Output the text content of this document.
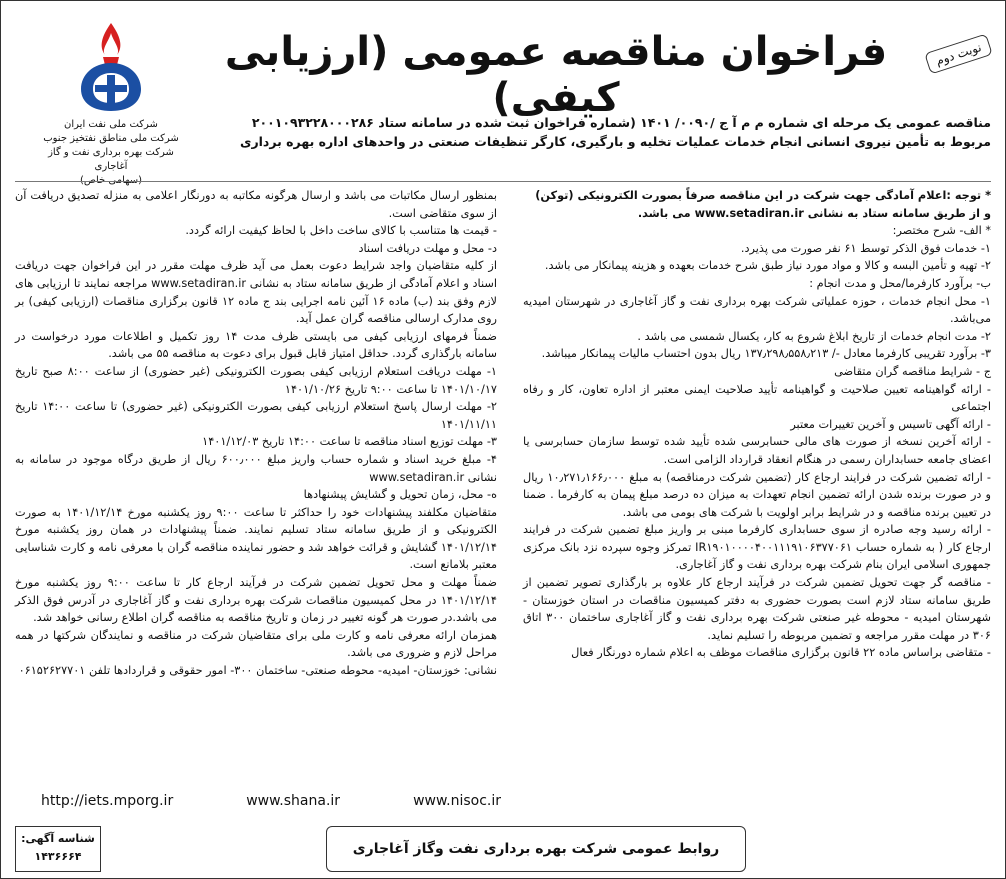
شرکت ملی نفت ایران
شرکت ملی مناطق نفتخیز جنوب
شرکت بهره برداری نفت و گاز آغاجاری
(سهامی خاص)
فراخوان مناقصه عمومی (ارزیابی کیفی)
نوبت دوم
مناقصه عمومی یک مرحله ای شماره م م آ ج /۰۰۹۰/ ۱۴۰۱ (شماره فراخوان ثبت شده در سامانه ستاد ۲۰۰۱۰۹۳۲۲۸۰۰۰۲۸۶
مربوط به تأمین نیروی انسانی انجام خدمات عملیات تخلیه و بارگیری، کارگر تنظیفات صنعتی در واحدهای اداره بهره برداری

* توجه :اعلام آمادگی جهت شرکت در این مناقصه صرفاً بصورت الکترونیکی (توکن)

و از طریق سامانه ستاد به نشانی www.setadiran.ir می باشد.

* الف- شرح مختصر:

۱- خدمات فوق الذکر توسط ۶۱ نفر صورت می پذیرد.

۲- تهیه و تأمین البسه و کالا و مواد مورد نیاز طبق شرح خدمات بعهده و هزینه پیمانکار می باشد.

ب- برآورد کارفرما/محل و مدت انجام :

۱- محل انجام خدمات ، حوزه عملیاتی شرکت بهره برداری نفت و گاز آغاجاری در شهرستان امیدیه می‌باشد.

۲- مدت انجام خدمات از تاریخ ابلاغ شروع به کار، یکسال شمسی می باشد .

۳- برآورد تقریبی کارفرما معادل -/ ۱۳۷٫۲۹۸٫۵۵۸٫۲۱۳ ریال بدون احتساب مالیات پیمانکار میباشد.

ج - شرایط مناقصه گران متقاضی

- ارائه گواهینامه تعیین صلاحیت و گواهینامه تأیید صلاحیت ایمنی معتبر از اداره تعاون، کار و رفاه اجتماعی

- ارائه آگهی تاسیس و آخرین تغییرات معتبر

- ارائه آخرین نسخه از صورت های مالی حسابرسی شده تأیید شده توسط سازمان حسابرسی یا اعضای جامعه حسابداران رسمی در هنگام انعقاد قرارداد الزامی است.

- ارائه تضمین شرکت در فرایند ارجاع کار (تضمین شرکت درمناقصه) به مبلغ ۱۰٫۲۷۱٫۱۶۶٫۰۰۰ ریال و در صورت برنده شدن ارائه تضمین انجام تعهدات به میزان ده درصد مبلغ پیمان به کارفرما . ضمنا در تعیین برنده مناقصه و در شرایط برابر اولویت با شرکت های بومی می باشد.

- ارائه رسید وجه صادره از سوی حسابداری کارفرما مبنی بر واریز مبلغ تضمین شرکت در فرایند ارجاع کار ( به شماره حساب IR۱۹۰۱۰۰۰۰۴۰۰۱۱۱۹۱۰۶۳۷۷۰۶۱ تمرکز وجوه سپرده نزد بانک مرکزی جمهوری اسلامی ایران بنام شرکت بهره برداری نفت و گاز آغاجاری.

- مناقصه گر جهت تحویل تضمین شرکت در فرآیند ارجاع کار علاوه بر بارگذاری تصویر تضمین از طریق سامانه ستاد لازم است بصورت حضوری به دفتر کمیسیون مناقصات در استان خوزستان - شهرستان امیدیه - محوطه غیر صنعتی شرکت بهره برداری نفت و گاز آغاجاری ساختمان ۳۰۰ اتاق ۳۰۶ در مهلت مقرر مراجعه و تضمین مربوطه را تسلیم نماید.

- متقاضی براساس ماده ۲۲ قانون برگزاری مناقصات موظف به اعلام شماره دورنگار فعال

بمنظور ارسال مکاتبات می باشد و ارسال هرگونه مکاتبه به دورنگار اعلامی به منزله تصدیق دریافت آن از سوی متقاضی است.

- قیمت ها متناسب با کالای ساخت داخل با لحاظ کیفیت ارائه گردد.

د- محل و مهلت دریافت اسناد

از کلیه متقاضیان واجد شرایط دعوت بعمل می آید ظرف مهلت مقرر در این فراخوان جهت دریافت اسناد و اعلام آمادگی از طریق سامانه ستاد به نشانی www.setadiran.ir مراجعه نمایند تا ارزیابی های لازم وفق بند (ب) ماده ۱۶ آئین نامه اجرایی بند ج ماده ۱۲ قانون برگزاری مناقصات (ارزیابی کیفی) بر روی مدارک ارسالی مناقصه گران عمل آید.

ضمناً فرمهای ارزیابی کیفی می بایستی ظرف مدت ۱۴ روز تکمیل و اطلاعات مورد درخواست در سامانه بارگذاری گردد. حداقل امتیاز قابل قبول برای دعوت به مناقصه ۵۵ می باشد.

۱- مهلت دریافت استعلام ارزیابی کیفی بصورت الکترونیکی (غیر حضوری) از ساعت ۸:۰۰ صبح تاریخ ۱۴۰۱/۱۰/۱۷ تا ساعت ۹:۰۰ تاریخ ۱۴۰۱/۱۰/۲۶

۲- مهلت ارسال پاسخ استعلام ارزیابی کیفی بصورت الکترونیکی (غیر حضوری) تا ساعت ۱۴:۰۰ تاریخ ۱۴۰۱/۱۱/۱۱

۳- مهلت توزیع اسناد مناقصه تا ساعت ۱۴:۰۰ تاریخ ۱۴۰۱/۱۲/۰۳

۴- مبلغ خرید اسناد و شماره حساب واریز مبلغ ۶۰۰٫۰۰۰ ریال از طریق درگاه موجود در سامانه به نشانی www.setadiran.ir

ه- محل، زمان تحویل و گشایش پیشنهادها

متقاضیان مکلفند پیشنهادات خود را حداکثر تا ساعت ۹:۰۰ روز یکشنبه مورخ ۱۴۰۱/۱۲/۱۴ به صورت الکترونیکی و از طریق سامانه ستاد تسلیم نمایند. ضمناً پیشنهادات در همان روز یکشنبه مورخ ۱۴۰۱/۱۲/۱۴ گشایش و قرائت خواهد شد و حضور نماینده مناقصه گران با معرفی نامه و کارت شناسایی معتبر بلامانع است.

ضمناً مهلت و محل تحویل تضمین شرکت در فرآیند ارجاع کار تا ساعت ۹:۰۰ روز یکشنبه مورخ ۱۴۰۱/۱۲/۱۴ در محل کمیسیون مناقصات شرکت بهره برداری نفت و گاز آغاجاری در آدرس فوق الذکر می باشد.در صورت هر گونه تغییر در زمان و تاریخ مناقصه به مناقصه گران اطلاع رسانی خواهد شد.

همزمان ارائه معرفی نامه و کارت ملی برای متقاضیان شرکت در مناقصه و نمایندگان شرکتها در همه مراحل لازم و ضروری می باشد.

نشانی: خوزستان- امیدیه- محوطه صنعتی- ساختمان ۳۰۰- امور حقوقی و قراردادها تلفن ۰۶۱۵۲۶۲۷۷۰۱

http://iets.mporg.ir	www.shana.ir	www.nisoc.ir
شناسه آگهی:
۱۴۳۶۶۶۴	روابط عمومی شرکت بهره برداری نفت وگاز آغاجاری
